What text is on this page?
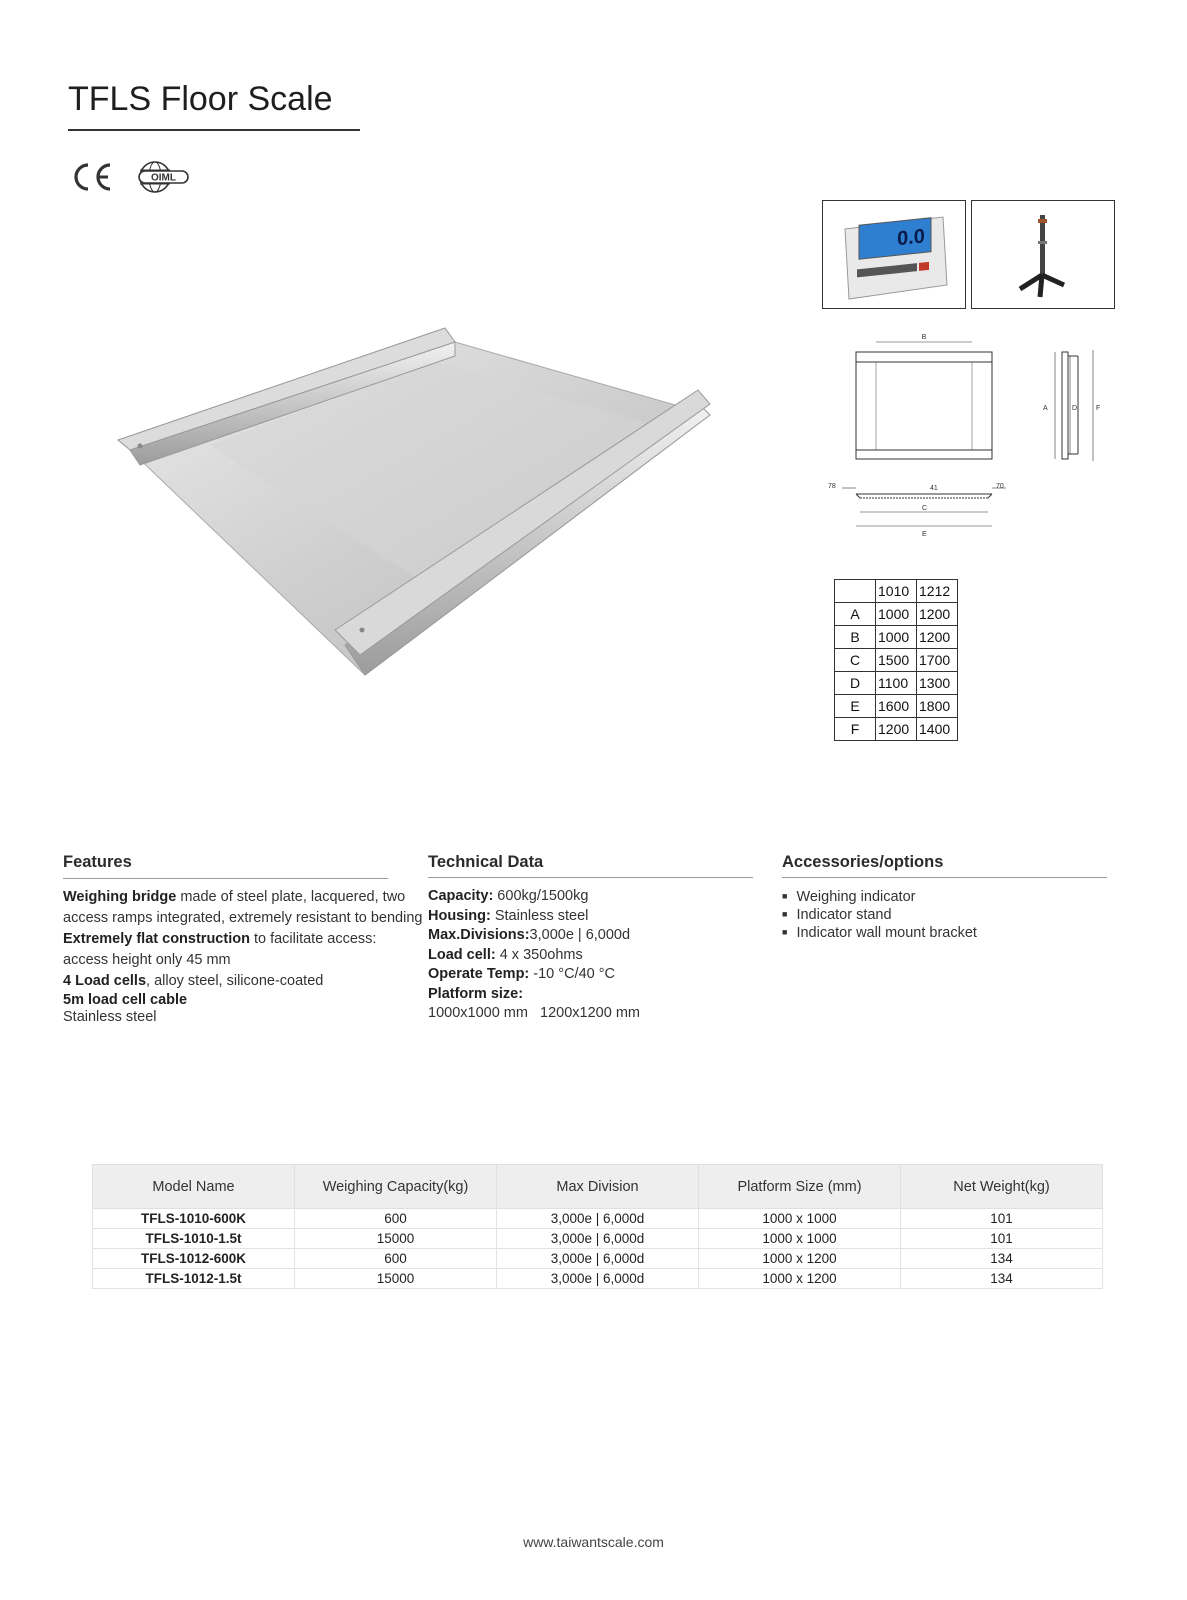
TFLS Floor Scale
OIML
0.0
B
A	D	F
78	41	70
C
E
	1010	1212
A	1000	1200
B	1000	1200
C	1500	1700
D	1100	1300
E	1600	1800
F	1200	1400
Features
Weighing bridge made of steel plate, lacquered, two access ramps integrated, extremely resistant to bending
Extremely flat construction to facilitate access: access height only 45 mm
4 Load cells, alloy steel, silicone-coated
5m load cell cable
Stainless steel
Technical Data
Capacity: 600kg/1500kg
Housing: Stainless steel
Max.Divisions:3,000e | 6,000d
Load cell: 4 x 350ohms
Operate Temp: -10 °C/40 °C
Platform size:
1000x1000 mm   1200x1200 mm
Accessories/options
■ Weighing indicator
■ Indicator stand
■ Indicator wall mount bracket
Model Name	Weighing Capacity(kg)	Max Division	Platform Size (mm)	Net Weight(kg)
TFLS-1010-600K	600	3,000e | 6,000d	1000 x 1000	101
TFLS-1010-1.5t	15000	3,000e | 6,000d	1000 x 1000	101
TFLS-1012-600K	600	3,000e | 6,000d	1000 x 1200	134
TFLS-1012-1.5t	15000	3,000e | 6,000d	1000 x 1200	134
www.taiwantscale.com
